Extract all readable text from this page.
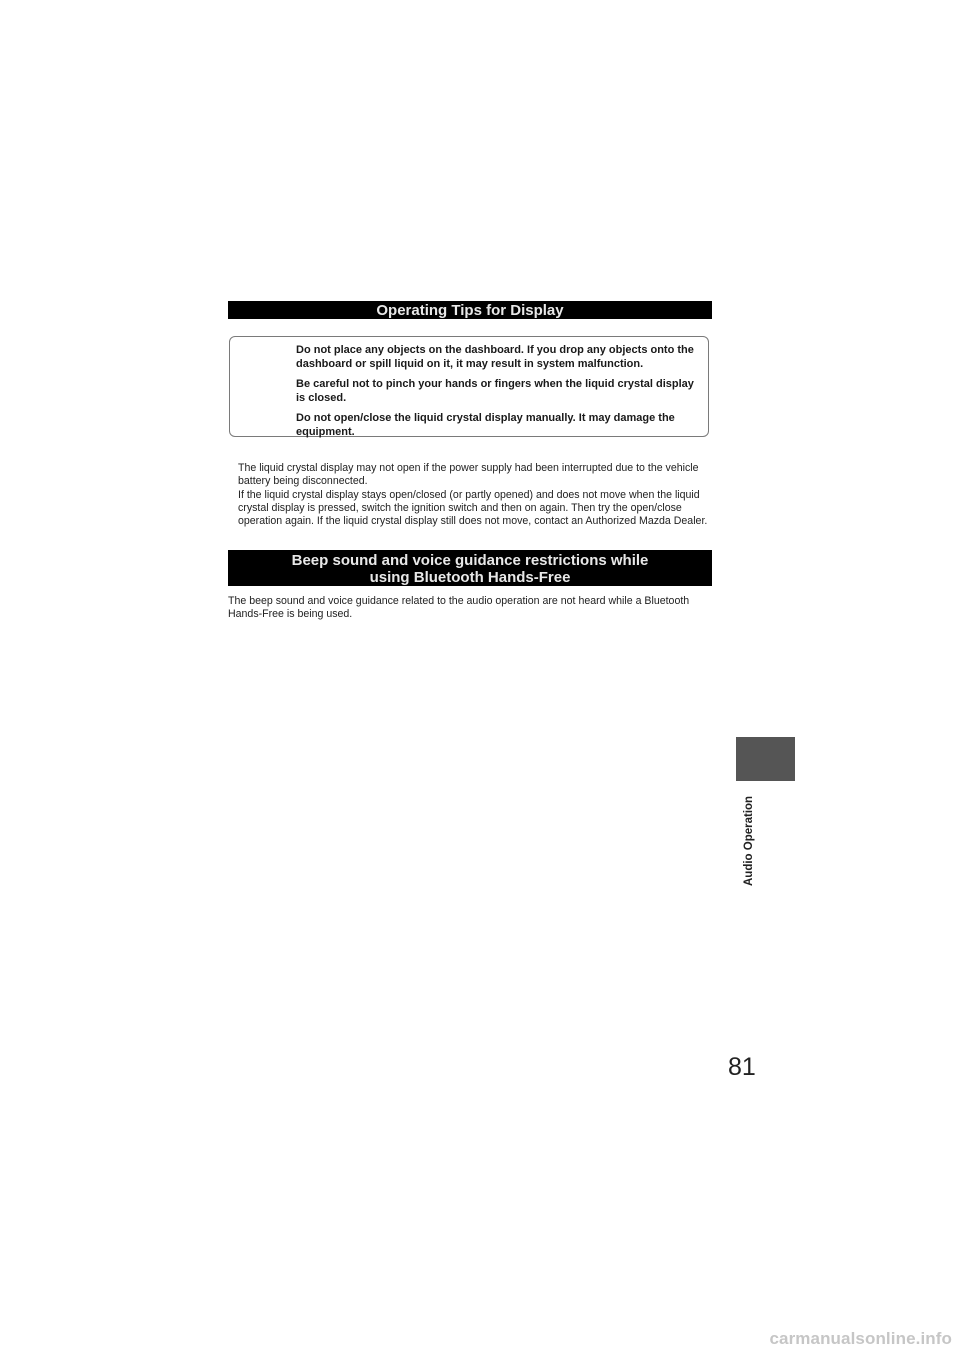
Operating Tips for Display
Do not place any objects on the dashboard. If you drop any objects onto the dashboard or spill liquid on it, it may result in system malfunction.
Be careful not to pinch your hands or fingers when the liquid crystal display is closed.
Do not open/close the liquid crystal display manually. It may damage the equipment.

The liquid crystal display may not open if the power supply had been interrupted due to the vehicle battery being disconnected.

If the liquid crystal display stays open/closed (or partly opened) and does not move when the liquid crystal display is pressed, switch the ignition switch and then on again. Then try the open/close operation again. If the liquid crystal display still does not move, contact an Authorized Mazda Dealer.

Beep sound and voice guidance restrictions while
using Bluetooth Hands-Free

The beep sound and voice guidance related to the audio operation are not heard while a Bluetooth Hands-Free is being used.

Audio Operation
81
carmanualsonline.info
